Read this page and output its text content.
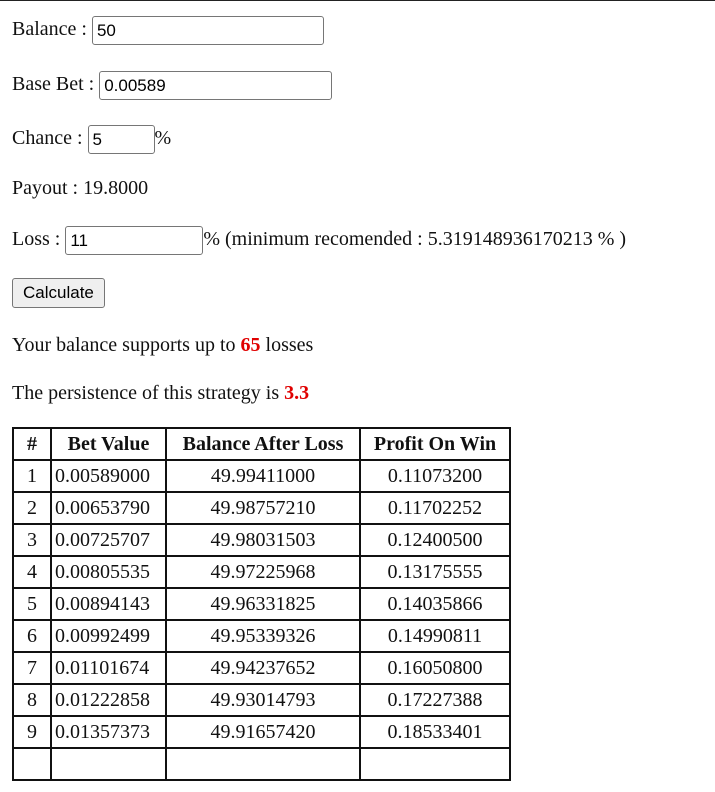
Balance : 50
Base Bet : 0.00589
Chance : 5	%
Payout : 19.8000
Loss : 11	% (minimum recomended : 5.319148936170213 % )
Calculate
Your balance supports up to 65 losses
The persistence of this strategy is 3.3
#	Bet Value	Balance After Loss	Profit On Win
1	0.00589000	49.99411000	0.11073200
2	0.00653790	49.98757210	0.11702252
3	0.00725707	49.98031503	0.12400500
4	0.00805535	49.97225968	0.13175555
5	0.00894143	49.96331825	0.14035866
6	0.00992499	49.95339326	0.14990811
7	0.01101674	49.94237652	0.16050800
8	0.01222858	49.93014793	0.17227388
9	0.01357373	49.91657420	0.18533401
